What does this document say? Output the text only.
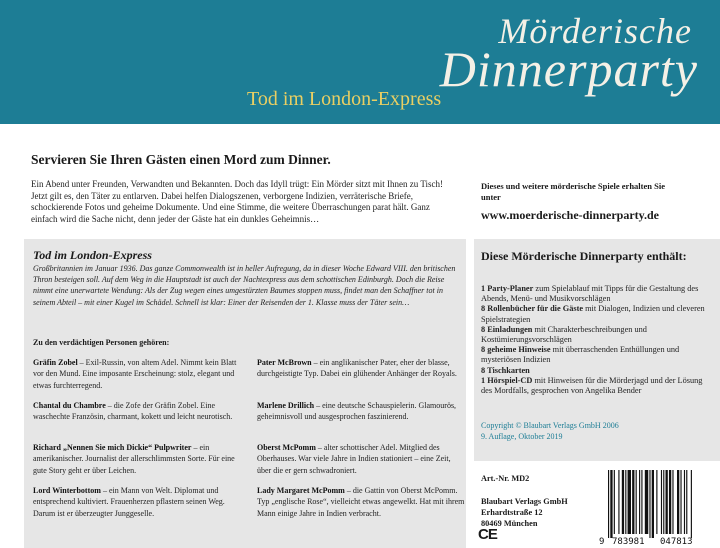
Mörderische
Dinnerparty
Tod im London-Express
Servieren Sie Ihren Gästen einen Mord zum Dinner.
Ein Abend unter Freunden, Verwandten und Bekannten. Doch das Idyll trügt: Ein Mörder sitzt mit Ihnen zu Tisch! Jetzt gilt es, den Täter zu entlarven. Dabei helfen Dialogszenen, verborgene Indizien, verräterische Briefe, schockierende Fotos und geheime Dokumente. Und eine Stimme, die weitere Überraschungen parat hält. Ganz einfach wird die Sache nicht, denn jeder der Gäste hat ein dunkles Geheimnis…
Dieses und weitere mörderische Spiele erhalten Sie unter
www.moerderische-dinnerparty.de
Tod im London-Express
Großbritannien im Januar 1936. Das ganze Commonwealth ist in heller Aufregung, da in dieser Woche Edward VIII. den britischen Thron besteigen soll. Auf dem Weg in die Hauptstadt ist auch der Nachtexpress aus dem schottischen Edinburgh. Doch die Reise nimmt eine unerwartete Wendung: Als der Zug wegen eines umgestürzten Baumes stoppen muss, findet man den Schaffner tot in seinem Abteil – mit einer Kugel im Schädel. Schnell ist klar: Einer der Reisenden der 1. Klasse muss der Täter sein…
Zu den verdächtigen Personen gehören:
Gräfin Zobel – Exil-Russin, von altem Adel. Nimmt kein Blatt vor den Mund. Eine imposante Erscheinung: stolz, elegant und etwas furchterregend.
Chantal du Chambre – die Zofe der Gräfin Zobel. Eine waschechte Französin, charmant, kokett und leicht neurotisch.
Richard „Nennen Sie mich Dickie“ Pulpwriter – ein amerikanischer. Journalist der allerschlimmsten Sorte. Für eine gute Story geht er über Leichen.
Lord Winterbottom – ein Mann von Welt. Diplomat und entsprechend kultiviert. Frauenherzen pflastern seinen Weg. Darum ist er überzeugter Junggeselle.
Pater McBrown – ein anglikanischer Pater, eher der blasse, durchgeistigte Typ. Dabei ein glühender Anhänger der Royals.
Marlene Drillich – eine deutsche Schauspielerin. Glamourös, geheimnisvoll und ausgesprochen faszinierend.
Oberst McPomm – alter schottischer Adel. Mitglied des Oberhauses. War viele Jahre in Indien stationiert – eine Zeit, über die er gern schwadroniert.
Lady Margaret McPomm – die Gattin von Oberst McPomm. Typ „englische Rose“, vielleicht etwas angewelkt. Hat mit ihrem Mann einige Jahre in Indien verbracht.
Diese Mörderische Dinnerparty enthält:
1 Party-Planer zum Spielablauf mit Tipps für die Gestaltung des Abends, Menü- und Musikvorschlägen
8 Rollenbücher für die Gäste mit Dialogen, Indizien und cleveren Spielstrategien
8 Einladungen mit Charakterbeschreibungen und Kostümierungsvorschlägen
8 geheime Hinweise mit überraschenden Enthüllungen und mysteriösen Indizien
8 Tischkarten
1 Hörspiel-CD mit Hinweisen für die Mörderjagd und der Lösung des Mordfalls, gesprochen von Angelika Bender
Copyright © Blaubart Verlags GmbH 2006
9. Auflage, Oktober 2019
Art.-Nr. MD2
Blaubart Verlags GmbH
Erhardtstraße 12
80469 München
CE	9 783981 047813
